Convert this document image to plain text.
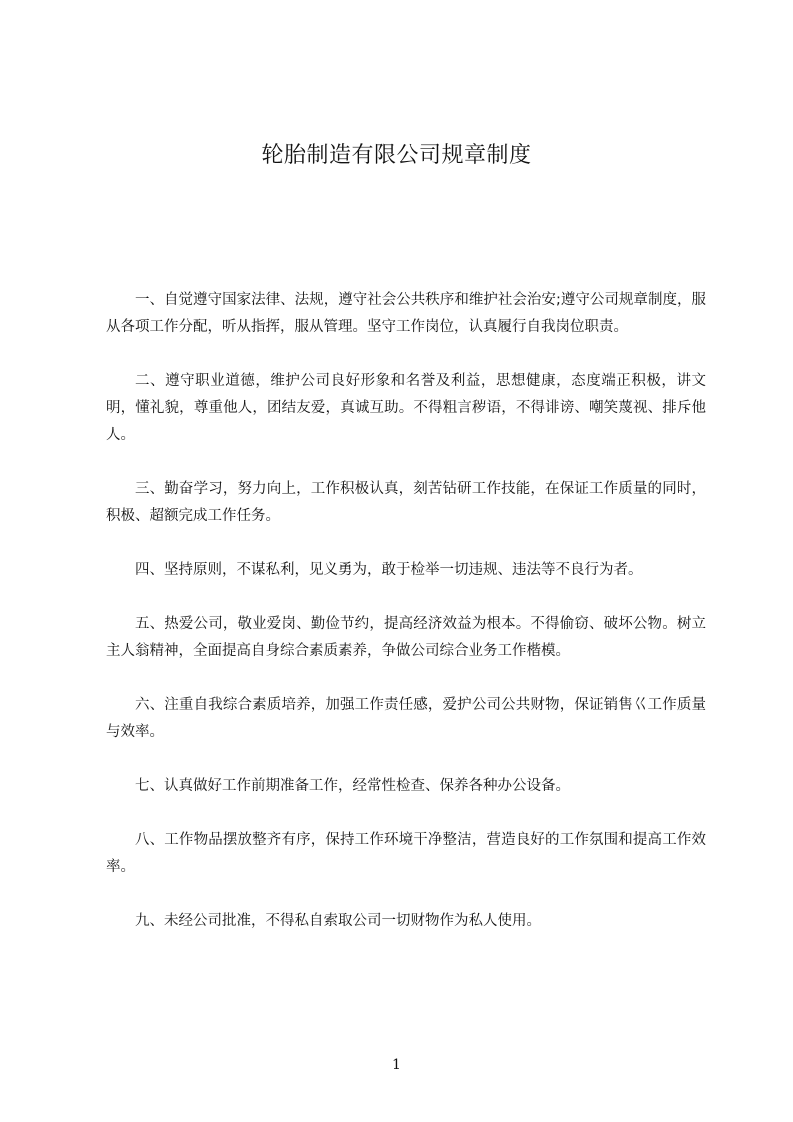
轮胎制造有限公司规章制度

一、自觉遵守国家法律、法规，遵守社会公共秩序和维护社会治安;遵守公司规章制度，服从各项工作分配，听从指挥，服从管理。坚守工作岗位，认真履行自我岗位职责。

二、遵守职业道德，维护公司良好形象和名誉及利益，思想健康，态度端正积极，讲文明，懂礼貌，尊重他人，团结友爱，真诚互助。不得粗言秽语，不得诽谤、嘲笑蔑视、排斥他人。

三、勤奋学习，努力向上，工作积极认真，刻苦钻研工作技能，在保证工作质量的同时，积极、超额完成工作任务。

四、坚持原则，不谋私利，见义勇为，敢于检举一切违规、违法等不良行为者。

五、热爱公司，敬业爱岗、勤俭节约，提高经济效益为根本。不得偷窃、破坏公物。树立主人翁精神，全面提高自身综合素质素养，争做公司综合业务工作楷模。

六、注重自我综合素质培养，加强工作责任感，爱护公司公共财物，保证销售巜工作质量与效率。

七、认真做好工作前期准备工作，经常性检查、保养各种办公设备。

八、工作物品摆放整齐有序，保持工作环境干净整洁，营造良好的工作氛围和提高工作效率。

九、未经公司批准，不得私自索取公司一切财物作为私人使用。

1
